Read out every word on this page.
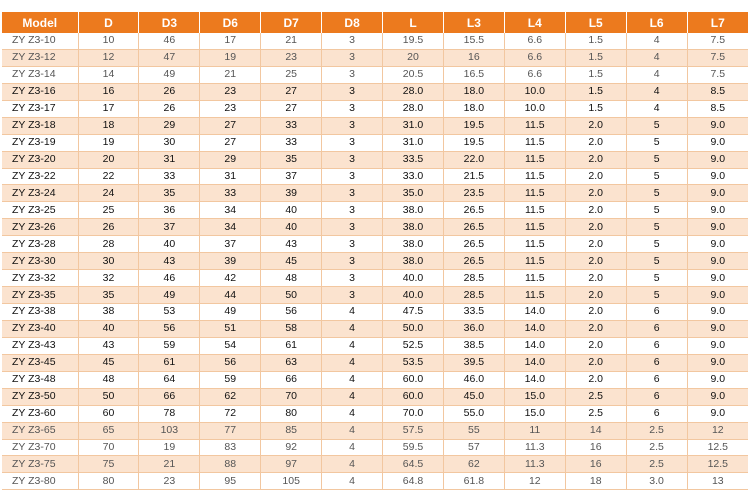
Model	D	D3	D6	D7	D8	L	L3	L4	L5	L6	L7
ZY Z3-10	10	46	17	21	3	19.5	15.5	6.6	1.5	4	7.5
ZY Z3-12	12	47	19	23	3	20	16	6.6	1.5	4	7.5
ZY Z3-14	14	49	21	25	3	20.5	16.5	6.6	1.5	4	7.5
ZY Z3-16	16	26	23	27	3	28.0	18.0	10.0	1.5	4	8.5
ZY Z3-17	17	26	23	27	3	28.0	18.0	10.0	1.5	4	8.5
ZY Z3-18	18	29	27	33	3	31.0	19.5	11.5	2.0	5	9.0
ZY Z3-19	19	30	27	33	3	31.0	19.5	11.5	2.0	5	9.0
ZY Z3-20	20	31	29	35	3	33.5	22.0	11.5	2.0	5	9.0
ZY Z3-22	22	33	31	37	3	33.0	21.5	11.5	2.0	5	9.0
ZY Z3-24	24	35	33	39	3	35.0	23.5	11.5	2.0	5	9.0
ZY Z3-25	25	36	34	40	3	38.0	26.5	11.5	2.0	5	9.0
ZY Z3-26	26	37	34	40	3	38.0	26.5	11.5	2.0	5	9.0
ZY Z3-28	28	40	37	43	3	38.0	26.5	11.5	2.0	5	9.0
ZY Z3-30	30	43	39	45	3	38.0	26.5	11.5	2.0	5	9.0
ZY Z3-32	32	46	42	48	3	40.0	28.5	11.5	2.0	5	9.0
ZY Z3-35	35	49	44	50	3	40.0	28.5	11.5	2.0	5	9.0
ZY Z3-38	38	53	49	56	4	47.5	33.5	14.0	2.0	6	9.0
ZY Z3-40	40	56	51	58	4	50.0	36.0	14.0	2.0	6	9.0
ZY Z3-43	43	59	54	61	4	52.5	38.5	14.0	2.0	6	9.0
ZY Z3-45	45	61	56	63	4	53.5	39.5	14.0	2.0	6	9.0
ZY Z3-48	48	64	59	66	4	60.0	46.0	14.0	2.0	6	9.0
ZY Z3-50	50	66	62	70	4	60.0	45.0	15.0	2.5	6	9.0
ZY Z3-60	60	78	72	80	4	70.0	55.0	15.0	2.5	6	9.0
ZY Z3-65	65	103	77	85	4	57.5	55	11	14	2.5	12
ZY Z3-70	70	19	83	92	4	59.5	57	11.3	16	2.5	12.5
ZY Z3-75	75	21	88	97	4	64.5	62	11.3	16	2.5	12.5
ZY Z3-80	80	23	95	105	4	64.8	61.8	12	18	3.0	13
